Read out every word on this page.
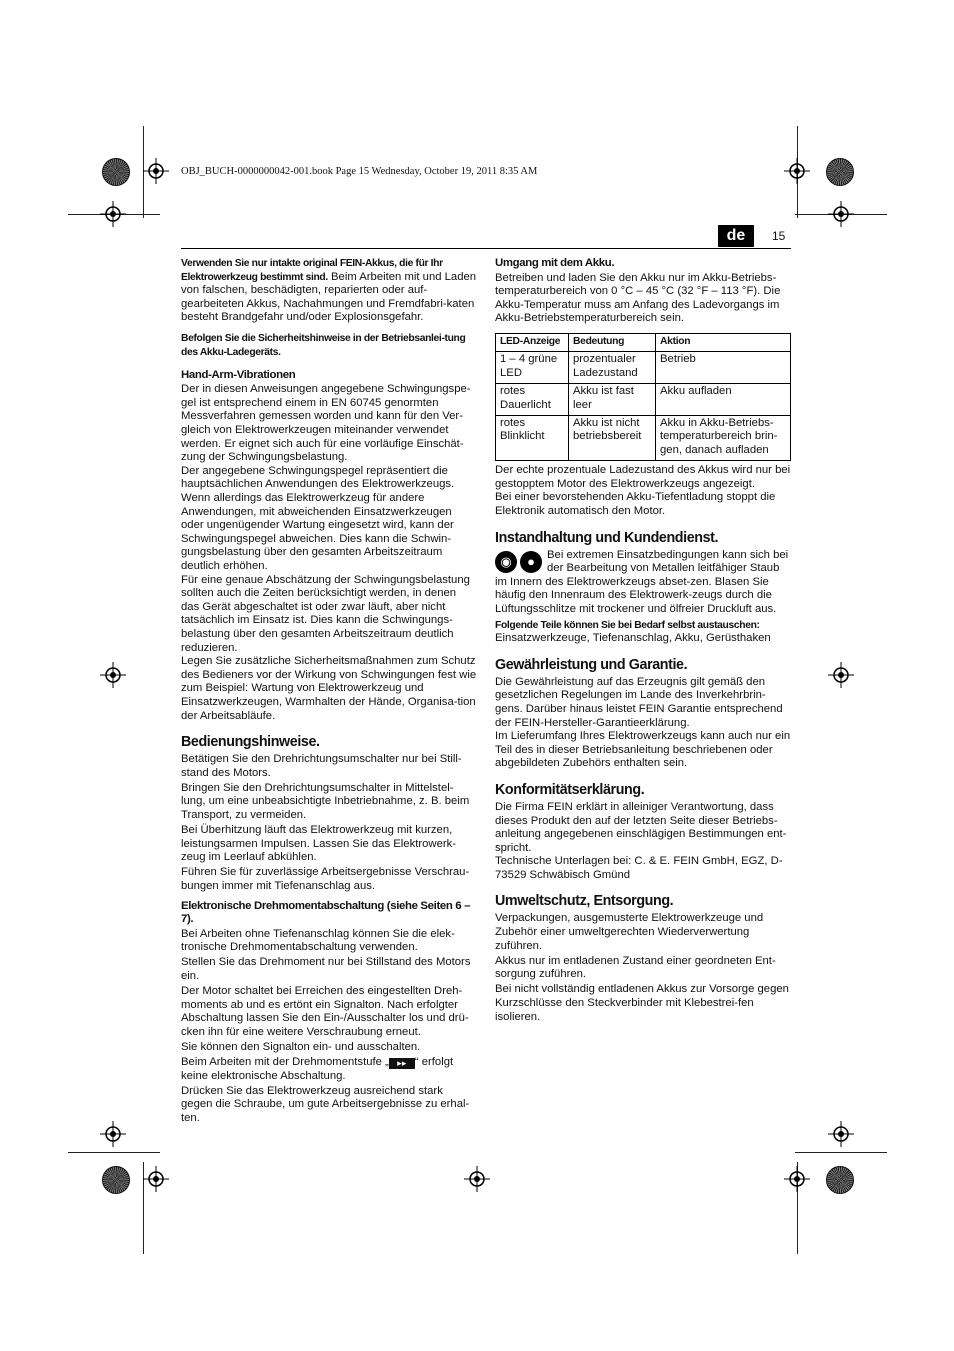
OBJ_BUCH-0000000042-001.book Page 15 Wednesday, October 19, 2011 8:35 AM
de	15

Verwenden Sie nur intakte original FEIN-Akkus, die für Ihr Elektrowerkzeug bestimmt sind. Beim Arbeiten mit und Laden von falschen, beschädigten, reparierten oder auf-gearbeiteten Akkus, Nachahmungen und Fremdfabri-katen besteht Brandgefahr und/oder Explosionsgefahr.

Befolgen Sie die Sicherheitshinweise in der Betriebsanlei-tung des Akku-Ladegeräts.

Hand-Arm-Vibrationen

Der in diesen Anweisungen angegebene Schwingungspe-gel ist entsprechend einem in EN 60745 genormten Messverfahren gemessen worden und kann für den Ver-gleich von Elektrowerkzeugen miteinander verwendet werden. Er eignet sich auch für eine vorläufige Einschät-zung der Schwingungsbelastung.

Der angegebene Schwingungspegel repräsentiert die hauptsächlichen Anwendungen des Elektrowerkzeugs. Wenn allerdings das Elektrowerkzeug für andere Anwendungen, mit abweichenden Einsatzwerkzeugen oder ungenügender Wartung eingesetzt wird, kann der Schwingungspegel abweichen. Dies kann die Schwin-gungsbelastung über den gesamten Arbeitszeitraum deutlich erhöhen.

Für eine genaue Abschätzung der Schwingungsbelastung sollten auch die Zeiten berücksichtigt werden, in denen das Gerät abgeschaltet ist oder zwar läuft, aber nicht tatsächlich im Einsatz ist. Dies kann die Schwingungs-belastung über den gesamten Arbeitszeitraum deutlich reduzieren.

Legen Sie zusätzliche Sicherheitsmaßnahmen zum Schutz des Bedieners vor der Wirkung von Schwingungen fest wie zum Beispiel: Wartung von Elektrowerkzeug und Einsatzwerkzeugen, Warmhalten der Hände, Organisa-tion der Arbeitsabläufe.

Bedienungshinweise.

Betätigen Sie den Drehrichtungsumschalter nur bei Still-stand des Motors.

Bringen Sie den Drehrichtungsumschalter in Mittelstel-lung, um eine unbeabsichtigte Inbetriebnahme, z. B. beim Transport, zu vermeiden.

Bei Überhitzung läuft das Elektrowerkzeug mit kurzen, leistungsarmen Impulsen. Lassen Sie das Elektrowerk-zeug im Leerlauf abkühlen.

Führen Sie für zuverlässige Arbeitsergebnisse Verschrau-bungen immer mit Tiefenanschlag aus.

Elektronische Drehmomentabschaltung (siehe Seiten 6 – 7).

Bei Arbeiten ohne Tiefenanschlag können Sie die elek-tronische Drehmomentabschaltung verwenden.

Stellen Sie das Drehmoment nur bei Stillstand des Motors ein.

Der Motor schaltet bei Erreichen des eingestellten Dreh-moments ab und es ertönt ein Signalton. Nach erfolgter Abschaltung lassen Sie den Ein-/Ausschalter los und drü-cken ihn für eine weitere Verschraubung erneut.

Sie können den Signalton ein- und ausschalten.

Beim Arbeiten mit der Drehmomentstufe „ ▸▸ “ erfolgt keine elektronische Abschaltung.

Drücken Sie das Elektrowerkzeug ausreichend stark gegen die Schraube, um gute Arbeitsergebnisse zu erhal-ten.

Umgang mit dem Akku.

Betreiben und laden Sie den Akku nur im Akku-Betriebs-temperaturbereich von 0 °C – 45 °C (32 °F – 113 °F). Die Akku-Temperatur muss am Anfang des Ladevorgangs im Akku-Betriebstemperaturbereich sein.

LED-Anzeige	Bedeutung	Aktion
1 – 4 grüne LED	prozentualer Ladezustand	Betrieb
rotes Dauerlicht	Akku ist fast leer	Akku aufladen
rotes Blinklicht	Akku ist nicht betriebsbereit	Akku in Akku-Betriebs-temperaturbereich brin-gen, danach aufladen

Der echte prozentuale Ladezustand des Akkus wird nur bei gestopptem Motor des Elektrowerkzeugs angezeigt.

Bei einer bevorstehenden Akku-Tiefentladung stoppt die Elektronik automatisch den Motor.

Instandhaltung und Kundendienst.

◉	●	Bei extremen Einsatzbedingungen kann sich bei der Bearbeitung von Metallen leitfähiger Staub im Innern des Elektrowerkzeugs abset-zen. Blasen Sie häufig den Innenraum des Elektrowerk-zeugs durch die Lüftungsschlitze mit trockener und ölfreier Druckluft aus.

Folgende Teile können Sie bei Bedarf selbst austauschen:

Einsatzwerkzeuge, Tiefenanschlag, Akku, Gerüsthaken

Gewährleistung und Garantie.

Die Gewährleistung auf das Erzeugnis gilt gemäß den gesetzlichen Regelungen im Lande des Inverkehrbrin-gens. Darüber hinaus leistet FEIN Garantie entsprechend der FEIN-Hersteller-Garantieerklärung.

Im Lieferumfang Ihres Elektrowerkzeugs kann auch nur ein Teil des in dieser Betriebsanleitung beschriebenen oder abgebildeten Zubehörs enthalten sein.

Konformitätserklärung.

Die Firma FEIN erklärt in alleiniger Verantwortung, dass dieses Produkt den auf der letzten Seite dieser Betriebs-anleitung angegebenen einschlägigen Bestimmungen ent-spricht.

Technische Unterlagen bei: C. & E. FEIN GmbH, EGZ, D-73529 Schwäbisch Gmünd

Umweltschutz, Entsorgung.

Verpackungen, ausgemusterte Elektrowerkzeuge und Zubehör einer umweltgerechten Wiederverwertung zuführen.

Akkus nur im entladenen Zustand einer geordneten Ent-sorgung zuführen.

Bei nicht vollständig entladenen Akkus zur Vorsorge gegen Kurzschlüsse den Steckverbinder mit Klebestrei-fen isolieren.
